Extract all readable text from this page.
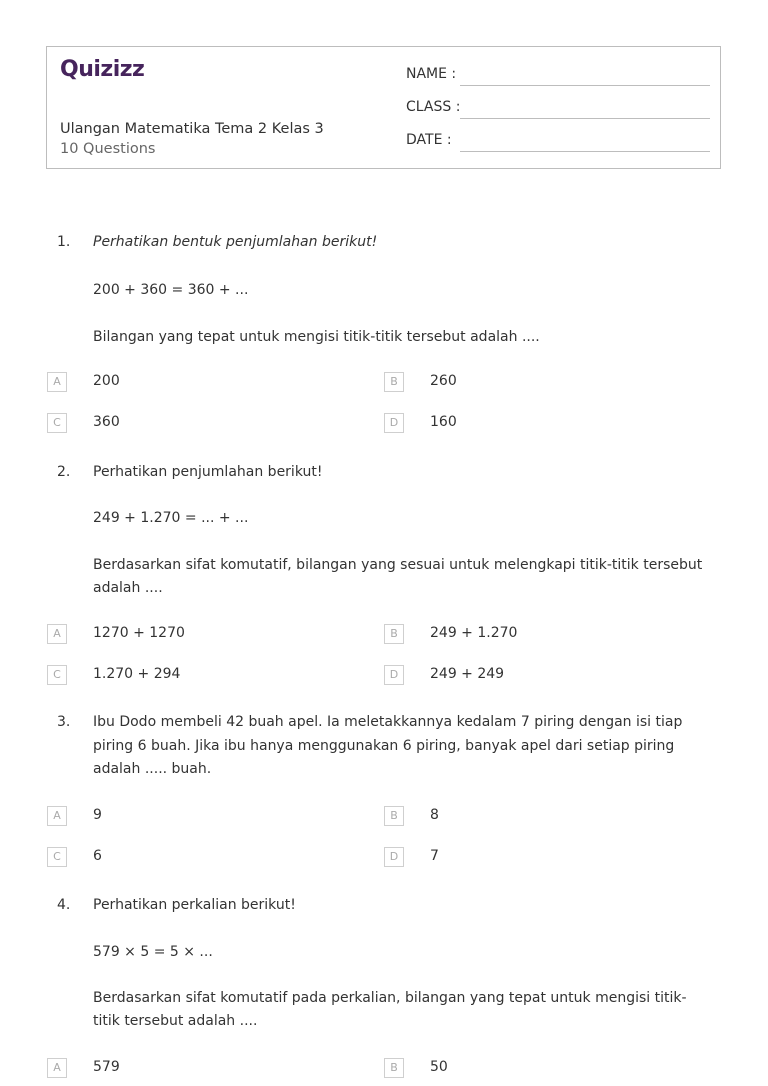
Quizizz
Ulangan Matematika Tema 2 Kelas 3
10 Questions
NAME :
CLASS :
DATE :
1. Perhatikan bentuk penjumlahan berikut!
200 + 360 = 360 + ...
Bilangan yang tepat untuk mengisi titik-titik tersebut adalah ....
A	200	B	260
C	360	D	160
2. Perhatikan penjumlahan berikut!
249 + 1.270 = ... + ...
Berdasarkan sifat komutatif, bilangan yang sesuai untuk melengkapi titik-titik tersebut
adalah ....
A	1270 + 1270	B	249 + 1.270
C	1.270 + 294	D	249 + 249
3. Ibu Dodo membeli 42 buah apel. Ia meletakkannya kedalam 7 piring dengan isi tiap
piring 6 buah. Jika ibu hanya menggunakan 6 piring, banyak apel dari setiap piring
adalah ..... buah.
A	9	B	8
C	6	D	7
4. Perhatikan perkalian berikut!
579 × 5 = 5 × ...
Berdasarkan sifat komutatif pada perkalian, bilangan yang tepat untuk mengisi titik-
titik tersebut adalah ....
A	579	B	50
